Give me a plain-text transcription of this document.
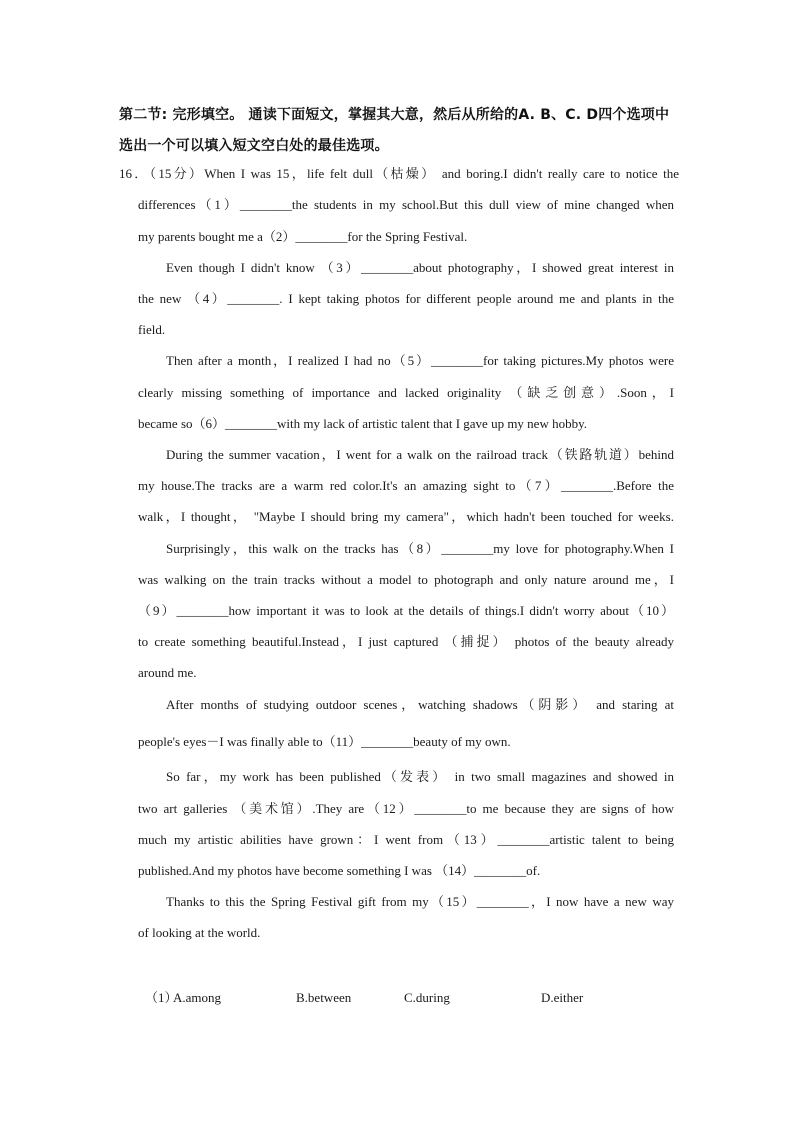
第二节: 完形填空。 通读下面短文，掌握其大意，然后从所给的A. B、C. D四个选项中选出一个可以填入短文空白处的最佳选项。
16．（15分）When I was 15，life felt dull（枯燥） and boring.I didn't really care to notice the
differences（1）________the students in my school.But this dull view of mine changed when
my parents bought me a（2）________for the Spring Festival.
Even though I didn't know （3）________about photography，I showed great interest in
the new （4）________. I kept taking photos for different people around me and plants in the
field.
Then after a month，I realized I had no（5）________for taking pictures.My photos were
clearly missing something of importance and lacked originality （缺乏创意）.Soon，I
became so（6）________with my lack of artistic talent that I gave up my new hobby.
During the summer vacation，I went for a walk on the railroad track（铁路轨道）behind
my house.The tracks are a warm red color.It's an amazing sight to（7）________.Before the
walk，I thought， "Maybe I should bring my camera"，which hadn't been touched for weeks.
Surprisingly，this walk on the tracks has（8）________my love for photography.When I
was walking on the train tracks without a model to photograph and only nature around me，I
（9）________how important it was to look at the details of things.I didn't worry about（10）
to create something beautiful.Instead，I just captured （捕捉） photos of the beauty already
around me.
After months of studying outdoor scenes，watching shadows（阴影） and staring at
people's eyes－I was finally able to（11）________beauty of my own.
So far，my work has been published（发表） in two small magazines and showed in
two art galleries （美术馆）.They are（12）________to me because they are signs of how
much my artistic abilities have grown：I went from（13）________artistic talent to being
published.And my photos have become something I was （14）________of.
Thanks to this the Spring Festival gift from my（15）________，I now have a new way
of looking at the world.
（1）
A.among	B.between	C.during	D.either
